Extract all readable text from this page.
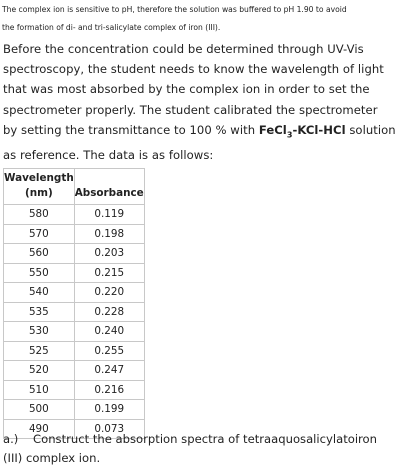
The complex ion is sensitive to pH, therefore the solution was buffered to pH 1.90 to avoid
the formation of di- and tri-salicylate complex of iron (III).
Before the concentration could be determined through UV-Vis
spectroscopy, the student needs to know the wavelength of light
that was most absorbed by the complex ion in order to set the
spectrometer properly. The student calibrated the spectrometer
by setting the transmittance to 100 % with FeCl$_3$-KCl-HCl solution
as reference. The data is as follows:
Wavelength
(nm)	Absorbance
580	0.119
570	0.198
560	0.203
550	0.215
540	0.220
535	0.228
530	0.240
525	0.255
520	0.247
510	0.216
500	0.199
490	0.073
a.) Construct the absorption spectra of tetraaquosalicylatoiron
(III) complex ion.
